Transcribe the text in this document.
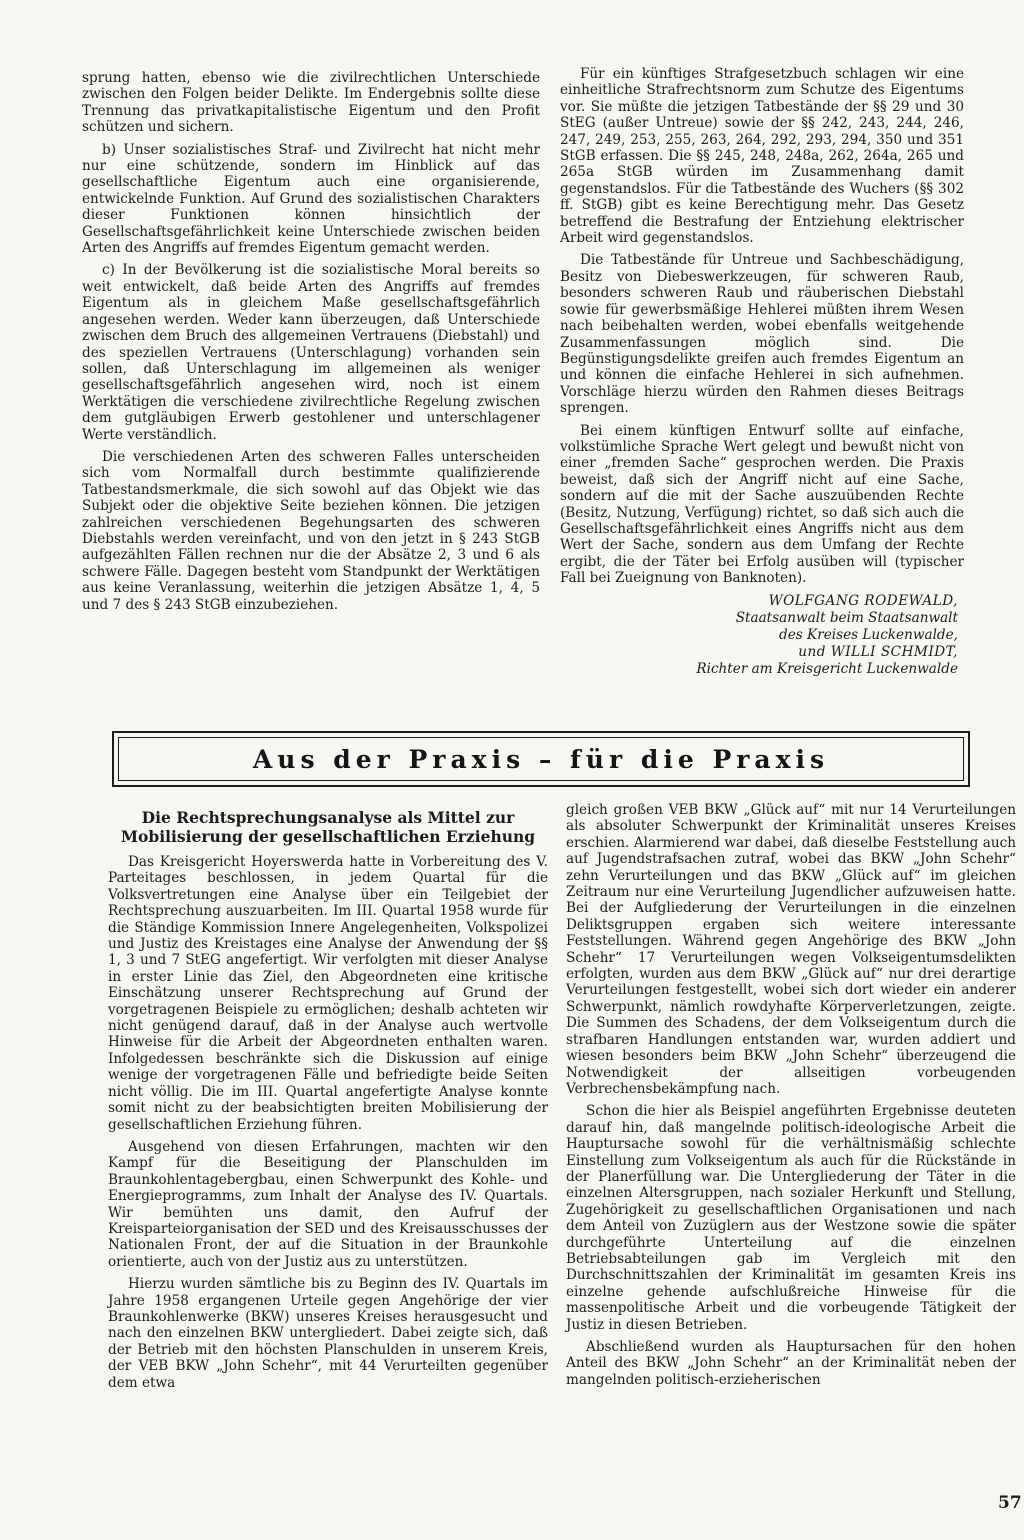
sprung hatten, ebenso wie die zivilrechtlichen Unterschiede zwischen den Folgen beider Delikte. Im Endergebnis sollte diese Trennung das privatkapitalistische Eigentum und den Profit schützen und sichern.

b) Unser sozialistisches Straf- und Zivilrecht hat nicht mehr nur eine schützende, sondern im Hinblick auf das gesellschaftliche Eigentum auch eine organisierende, entwickelnde Funktion. Auf Grund des sozialistischen Charakters dieser Funktionen können hinsichtlich der Gesellschaftsgefährlichkeit keine Unterschiede zwischen beiden Arten des Angriffs auf fremdes Eigentum gemacht werden.

c) In der Bevölkerung ist die sozialistische Moral bereits so weit entwickelt, daß beide Arten des Angriffs auf fremdes Eigentum als in gleichem Maße gesellschaftsgefährlich angesehen werden. Weder kann überzeugen, daß Unterschiede zwischen dem Bruch des allgemeinen Vertrauens (Diebstahl) und des speziellen Vertrauens (Unterschlagung) vorhanden sein sollen, daß Unterschlagung im allgemeinen als weniger gesellschaftsgefährlich angesehen wird, noch ist einem Werktätigen die verschiedene zivilrechtliche Regelung zwischen dem gutgläubigen Erwerb gestohlener und unterschlagener Werte verständlich.

Die verschiedenen Arten des schweren Falles unterscheiden sich vom Normalfall durch bestimmte qualifizierende Tatbestandsmerkmale, die sich sowohl auf das Objekt wie das Subjekt oder die objektive Seite beziehen können. Die jetzigen zahlreichen verschiedenen Begehungsarten des schweren Diebstahls werden vereinfacht, und von den jetzt in § 243 StGB aufgezählten Fällen rechnen nur die der Absätze 2, 3 und 6 als schwere Fälle. Dagegen besteht vom Standpunkt der Werktätigen aus keine Veranlassung, weiterhin die jetzigen Absätze 1, 4, 5 und 7 des § 243 StGB einzubeziehen.

Für ein künftiges Strafgesetzbuch schlagen wir eine einheitliche Strafrechtsnorm zum Schutze des Eigentums vor. Sie müßte die jetzigen Tatbestände der §§ 29 und 30 StEG (außer Untreue) sowie der §§ 242, 243, 244, 246, 247, 249, 253, 255, 263, 264, 292, 293, 294, 350 und 351 StGB erfassen. Die §§ 245, 248, 248a, 262, 264a, 265 und 265a StGB würden im Zusammenhang damit gegenstandslos. Für die Tatbestände des Wuchers (§§ 302 ff. StGB) gibt es keine Berechtigung mehr. Das Gesetz betreffend die Bestrafung der Entziehung elektrischer Arbeit wird gegenstandslos.

Die Tatbestände für Untreue und Sachbeschädigung, Besitz von Diebeswerkzeugen, für schweren Raub, besonders schweren Raub und räuberischen Diebstahl sowie für gewerbsmäßige Hehlerei müßten ihrem Wesen nach beibehalten werden, wobei ebenfalls weitgehende Zusammenfassungen möglich sind. Die Begünstigungsdelikte greifen auch fremdes Eigentum an und können die einfache Hehlerei in sich aufnehmen. Vorschläge hierzu würden den Rahmen dieses Beitrags sprengen.

Bei einem künftigen Entwurf sollte auf einfache, volkstümliche Sprache Wert gelegt und bewußt nicht von einer „fremden Sache“ gesprochen werden. Die Praxis beweist, daß sich der Angriff nicht auf eine Sache, sondern auf die mit der Sache auszuübenden Rechte (Besitz, Nutzung, Verfügung) richtet, so daß sich auch die Gesellschaftsgefährlichkeit eines Angriffs nicht aus dem Wert der Sache, sondern aus dem Umfang der Rechte ergibt, die der Täter bei Erfolg ausüben will (typischer Fall bei Zueignung von Banknoten).

WOLFGANG RODEWALD,
Staatsanwalt beim Staatsanwalt
des Kreises Luckenwalde,
und WILLI SCHMIDT,
Richter am Kreisgericht Luckenwalde
Aus der Praxis – für die Praxis
Die Rechtsprechungsanalyse als Mittel zur
Mobilisierung der gesellschaftlichen Erziehung

Das Kreisgericht Hoyerswerda hatte in Vorbereitung des V. Parteitages beschlossen, in jedem Quartal für die Volksvertretungen eine Analyse über ein Teilgebiet der Rechtsprechung auszuarbeiten. Im III. Quartal 1958 wurde für die Ständige Kommission Innere Angelegenheiten, Volkspolizei und Justiz des Kreistages eine Analyse der Anwendung der §§ 1, 3 und 7 StEG angefertigt. Wir verfolgten mit dieser Analyse in erster Linie das Ziel, den Abgeordneten eine kritische Einschätzung unserer Rechtsprechung auf Grund der vorgetragenen Beispiele zu ermöglichen; deshalb achteten wir nicht genügend darauf, daß in der Analyse auch wertvolle Hinweise für die Arbeit der Abgeordneten enthalten waren. Infolgedessen beschränkte sich die Diskussion auf einige wenige der vorgetragenen Fälle und befriedigte beide Seiten nicht völlig. Die im III. Quartal angefertigte Analyse konnte somit nicht zu der beabsichtigten breiten Mobilisierung der gesellschaftlichen Erziehung führen.

Ausgehend von diesen Erfahrungen, machten wir den Kampf für die Beseitigung der Planschulden im Braunkohlentagebergbau, einen Schwerpunkt des Kohle- und Energieprogramms, zum Inhalt der Analyse des IV. Quartals. Wir bemühten uns damit, den Aufruf der Kreisparteiorganisation der SED und des Kreisausschusses der Nationalen Front, der auf die Situation in der Braunkohle orientierte, auch von der Justiz aus zu unterstützen.

Hierzu wurden sämtliche bis zu Beginn des IV. Quartals im Jahre 1958 ergangenen Urteile gegen Angehörige der vier Braunkohlenwerke (BKW) unseres Kreises herausgesucht und nach den einzelnen BKW untergliedert. Dabei zeigte sich, daß der Betrieb mit den höchsten Planschulden in unserem Kreis, der VEB BKW „John Schehr“, mit 44 Verurteilten gegenüber dem etwa

gleich großen VEB BKW „Glück auf“ mit nur 14 Verurteilungen als absoluter Schwerpunkt der Kriminalität unseres Kreises erschien. Alarmierend war dabei, daß dieselbe Feststellung auch auf Jugendstrafsachen zutraf, wobei das BKW „John Schehr“ zehn Verurteilungen und das BKW „Glück auf“ im gleichen Zeitraum nur eine Verurteilung Jugendlicher aufzuweisen hatte. Bei der Aufgliederung der Verurteilungen in die einzelnen Deliktsgruppen ergaben sich weitere interessante Feststellungen. Während gegen Angehörige des BKW „John Schehr“ 17 Verurteilungen wegen Volkseigentumsdelikten erfolgten, wurden aus dem BKW „Glück auf“ nur drei derartige Verurteilungen festgestellt, wobei sich dort wieder ein anderer Schwerpunkt, nämlich rowdyhafte Körperverletzungen, zeigte. Die Summen des Schadens, der dem Volkseigentum durch die strafbaren Handlungen entstanden war, wurden addiert und wiesen besonders beim BKW „John Schehr“ überzeugend die Notwendigkeit der allseitigen vorbeugenden Verbrechensbekämpfung nach.

Schon die hier als Beispiel angeführten Ergebnisse deuteten darauf hin, daß mangelnde politisch-ideologische Arbeit die Hauptursache sowohl für die verhältnismäßig schlechte Einstellung zum Volkseigentum als auch für die Rückstände in der Planerfüllung war. Die Untergliederung der Täter in die einzelnen Altersgruppen, nach sozialer Herkunft und Stellung, Zugehörigkeit zu gesellschaftlichen Organisationen und nach dem Anteil von Zuzüglern aus der Westzone sowie die später durchgeführte Unterteilung auf die einzelnen Betriebsabteilungen gab im Vergleich mit den Durchschnittszahlen der Kriminalität im gesamten Kreis ins einzelne gehende aufschlußreiche Hinweise für die massenpolitische Arbeit und die vorbeugende Tätigkeit der Justiz in diesen Betrieben.

Abschließend wurden als Hauptursachen für den hohen Anteil des BKW „John Schehr“ an der Kriminalität neben der mangelnden politisch-erzieherischen

57
